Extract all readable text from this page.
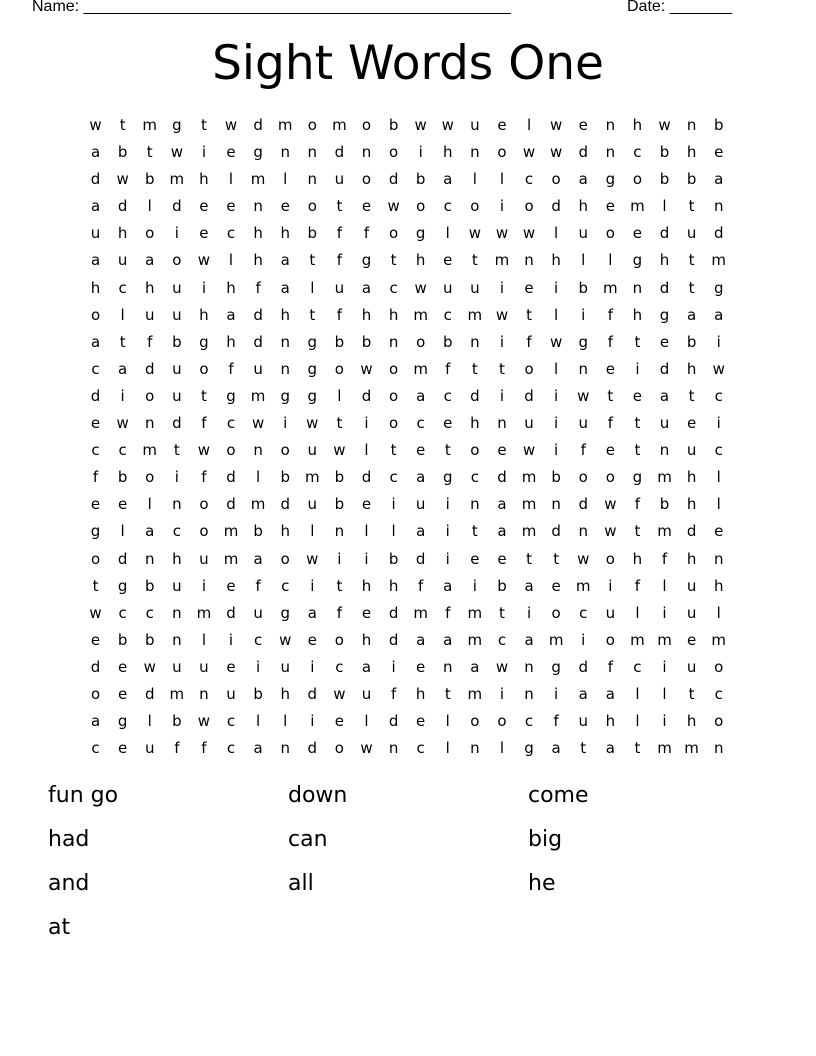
Name: ________________________________________________	Date: _______
Sight Words One
w	t	m	g	t	w	d	m	o	m	o	b	w w	u	e	l	w	e	n	h	w	n	b
a	b	t	w	i	e	g	n	n	d	n	o	i	h	n	o	w w	d	n	c	b	h	e
d	w	b	m	h	l	m	l	n	u	o	d	b	a	l	l	c	o	a	g	o	b	b	a
a	d	l	d	e	e	n	e	o	t	e	w	o	c	o	i	o	d	h	e	m	l	t	n
u	h	o	i	e	c	h	h	b	f	f	o	g	l	w w w	l	u	o	e	d	u	d
a	u	a	o	w	l	h	a	t	f	g	t	h	e	t	m	n	h	l	l	g	h	t	m
h	c	h	u	i	h	f	a	l	u	a	c	w	u	u	i	e	i	b	m	n	d	t	g
o	l	u	u	h	a	d	h	t	f	h	h	m	c	m w	t	l	i	f	h	g	a	a
a	t	f	b	g	h	d	n	g	b	b	n	o	b	n	i	f	w	g	f	t	e	b	i
c	a	d	u	o	f	u	n	g	o	w	o	m	f	t	t	o	l	n	e	i	d	h	w
d	i	o	u	t	g	m	g	g	l	d	o	a	c	d	i	d	i	w	t	e	a	t	c
e	w	n	d	f	c	w	i	w	t	i	o	c	e	h	n	u	i	u	f	t	u	e	i
c	c	m	t	w	o	n	o	u	w	l	t	e	t	o	e	w	i	f	e	t	n	u	c
f	b	o	i	f	d	l	b	m	b	d	c	a	g	c	d	m	b	o	o	g	m	h	l
e	e	l	n	o	d	m	d	u	b	e	i	u	i	n	a	m	n	d	w	f	b	h	l
g	l	a	c	o	m	b	h	l	n	l	l	a	i	t	a	m	d	n	w	t	m	d	e
o	d	n	h	u	m	a	o	w	i	i	b	d	i	e	e	t	t	w	o	h	f	h	n
t	g	b	u	i	e	f	c	i	t	h	h	f	a	i	b	a	e	m	i	f	l	u	h
w	c	c	n	m	d	u	g	a	f	e	d	m	f	m	t	i	o	c	u	l	i	u	l
e	b	b	n	l	i	c	w	e	o	h	d	a	a	m	c	a	m	i	o	m m	e	m
d	e	w	u	u	e	i	u	i	c	a	i	e	n	a	w	n	g	d	f	c	i	u	o
o	e	d	m	n	u	b	h	d	w	u	f	h	t	m	i	n	i	a	a	l	l	t	c
a	g	l	b	w	c	l	l	i	e	l	d	e	l	o	o	c	f	u	h	l	i	h	o
c	e	u	f	f	c	a	n	d	o	w	n	c	l	n	l	g	a	t	a	t	m m	n
fun go	down	come
had	can	big
and	all	he
at
